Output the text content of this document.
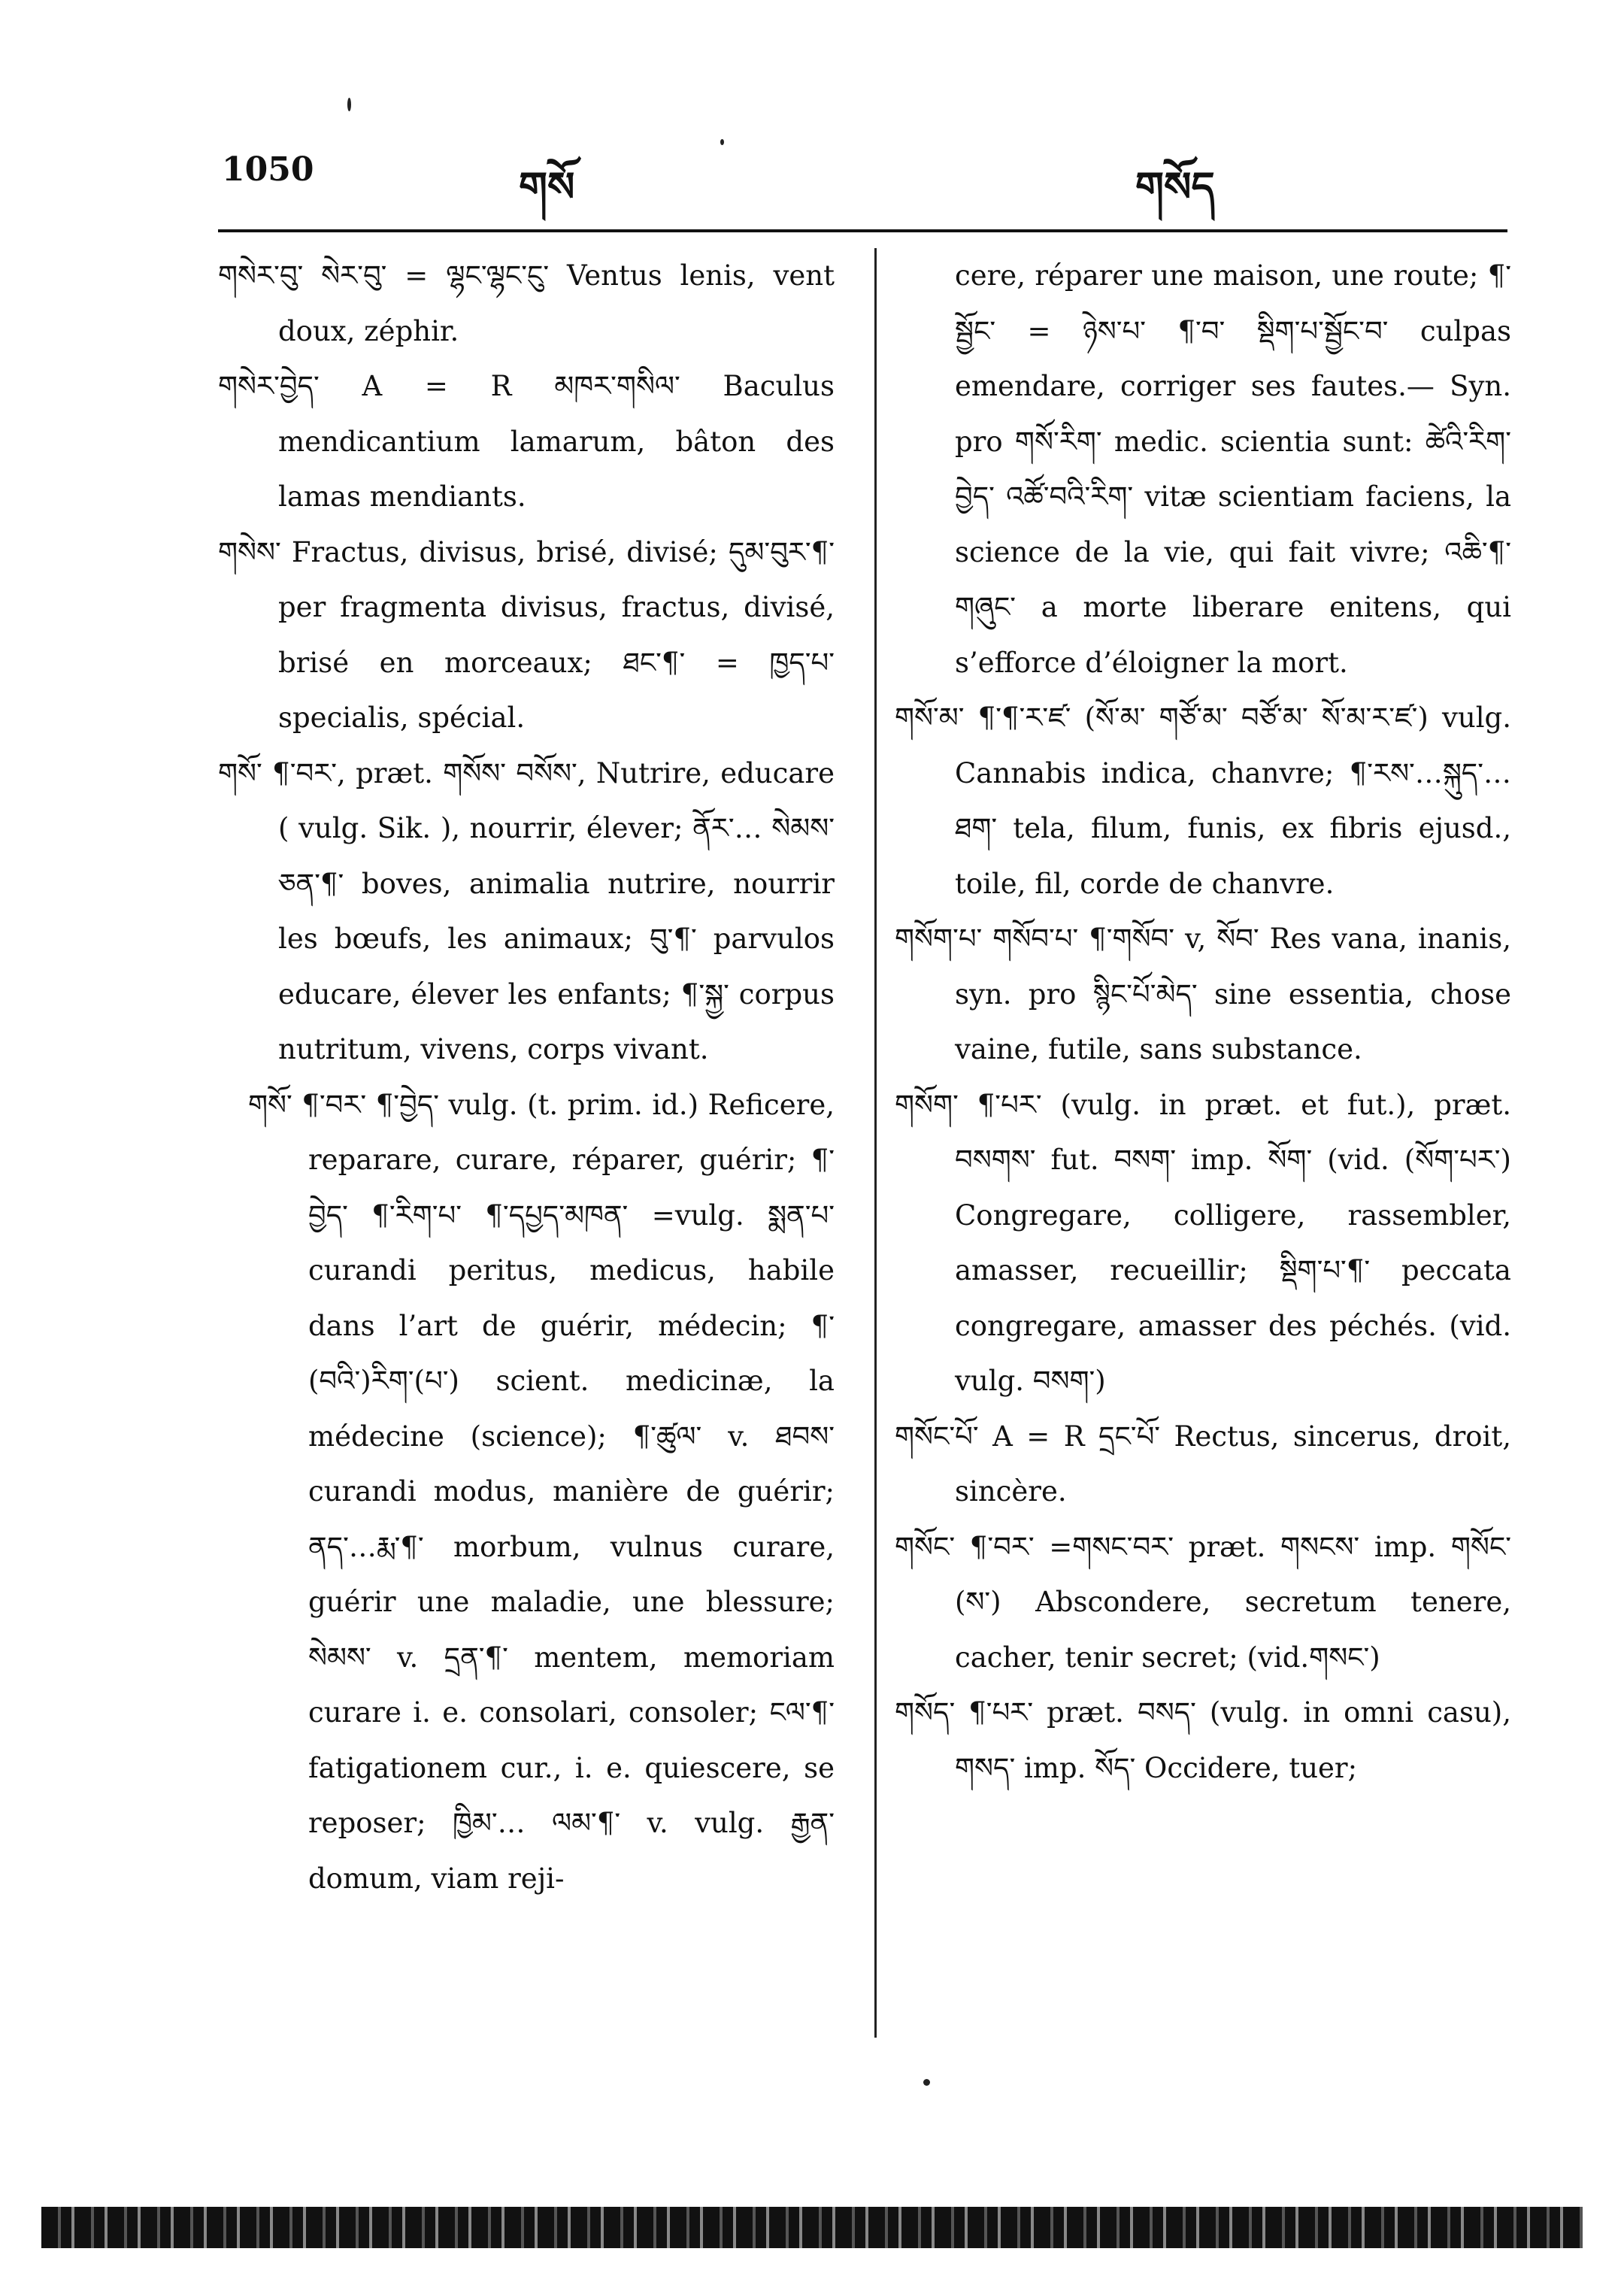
1050	གསོ	གསོད

གསེར་བུ་ སེར་བུ་ = ལྷང་ལྷང་ངུ་ Ventus lenis, vent doux, zéphir.

གསེར་བྱེད་ A = R མཁར་གསིལ་ Baculus mendicantium lamarum, bâton des lamas mendiants.

གསེས་ Fractus, divisus, brisé, divisé; དུམ་བུར་¶་ per fragmenta divisus, fractus, divisé, brisé en morceaux; ཐང་¶་ = ཁྱད་པ་ specialis, spécial.

གསོ་ ¶་བར་, præt. གསོས་ བསོས་, Nutrire, educare ( vulg. Sik. ), nourrir, élever; ནོར་… སེམས་ཅན་¶་ boves, animalia nutrire, nourrir les bœufs, les animaux; བུ་¶་ parvulos educare, élever les enfants; ¶་སྐྱ་ corpus nutritum, vivens, corps vivant.

གསོ་ ¶་བར་ ¶་བྱེད་ vulg. (t. prim. id.) Reficere, reparare, curare, réparer, guérir; ¶་བྱེད་ ¶་རིག་པ་ ¶་དཔྱད་མཁན་ =vulg. སྨན་པ་ curandi peritus, medicus, habile dans l’art de guérir, médecin; ¶་(བའི་)རིག་(པ་) scient. medicinæ, la médecine (science); ¶་ཚུལ་ v. ཐབས་ curandi modus, manière de guérir; ནད་…རྨ་¶་ morbum, vulnus curare, guérir une maladie, une blessure; སེམས་ v. དྲན་¶་ mentem, memoriam curare i. e. consolari, consoler; ངལ་¶་ fatigationem cur., i. e. quiescere, se reposer; ཁྱིམ་… ལམ་¶་ v. vulg. རྒྱན་ domum, viam reji-

cere, réparer une maison, une route; ¶་སྦྱོང་ = ཉེས་པ་ ¶་བ་ སྡིག་པ་སྦྱོང་བ་ culpas emendare, corriger ses fautes.— Syn. pro གསོ་རིག་ medic. scientia sunt: ཚེའི་རིག་བྱེད་ འཚོ་བའི་རིག་ vitæ scientiam faciens, la science de la vie, qui fait vivre; འཆི་¶་གཞུང་ a morte liberare enitens, qui s’efforce d’éloigner la mort.

གསོ་མ་ ¶་¶་ར་ཛ་ (སོ་མ་ གཙོ་མ་ བཙོ་མ་ སོ་མ་ར་ཛ་) vulg. Cannabis indica, chanvre; ¶་རས་…སྐུད་…ཐག་ tela, filum, funis, ex fibris ejusd., toile, fil, corde de chanvre.

གསོག་པ་ གསོབ་པ་ ¶་གསོབ་ v, སོབ་ Res vana, inanis, syn. pro སྙིང་པོ་མེད་ sine essentia, chose vaine, futile, sans substance.

གསོག་ ¶་པར་ (vulg. in præt. et fut.), præt. བསགས་ fut. བསག་ imp. སོག་ (vid. (སོག་པར་) Congregare, colligere, rassembler, amasser, recueillir; སྡིག་པ་¶་ peccata congregare, amasser des péchés. (vid. vulg. བསག་)

གསོང་པོ་ A = R དྲང་པོ་ Rectus, sincerus, droit, sincère.

གསོང་ ¶་བར་ =གསང་བར་ præt. གསངས་ imp. གསོང་(ས་) Abscondere, secretum tenere, cacher, tenir secret; (vid.གསང་)

གསོད་ ¶་པར་ præt. བསད་ (vulg. in omni casu), གསད་ imp. སོད་ Occidere, tuer;
